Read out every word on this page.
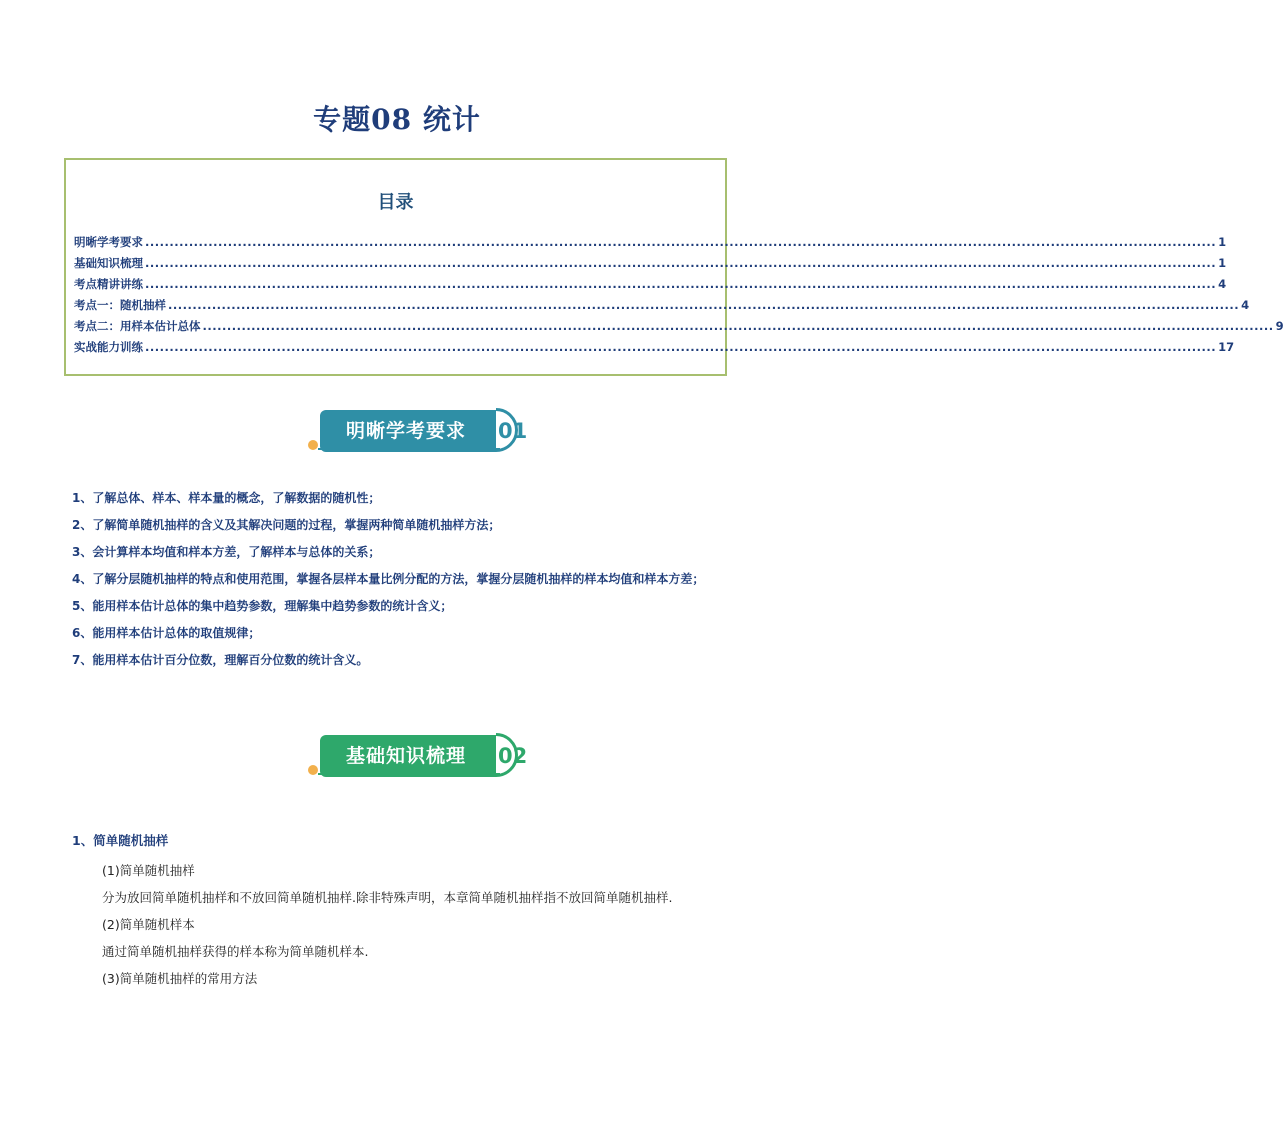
专题08 统计
目录
明晰学考要求 ............................................................................................................................................................................................................................ 1
基础知识梳理 ............................................................................................................................................................................................................................ 1
考点精讲讲练 ............................................................................................................................................................................................................................ 4
考点一：随机抽样 ............................................................................................................................................................................................................................ 4
考点二：用样本估计总体 ............................................................................................................................................................................................................................ 9
实战能力训练 ............................................................................................................................................................................................................................ 17
明晰学考要求	01
1、了解总体、样本、样本量的概念，了解数据的随机性；
2、了解简单随机抽样的含义及其解决问题的过程，掌握两种简单随机抽样方法；
3、会计算样本均值和样本方差，了解样本与总体的关系；
4、了解分层随机抽样的特点和使用范围，掌握各层样本量比例分配的方法，掌握分层随机抽样的样本均值和样本方差；
5、能用样本估计总体的集中趋势参数，理解集中趋势参数的统计含义；
6、能用样本估计总体的取值规律；
7、能用样本估计百分位数，理解百分位数的统计含义。
基础知识梳理	02
1、简单随机抽样
(1)简单随机抽样
分为放回简单随机抽样和不放回简单随机抽样.除非特殊声明，本章简单随机抽样指不放回简单随机抽样.
(2)简单随机样本
通过简单随机抽样获得的样本称为简单随机样本.
(3)简单随机抽样的常用方法
